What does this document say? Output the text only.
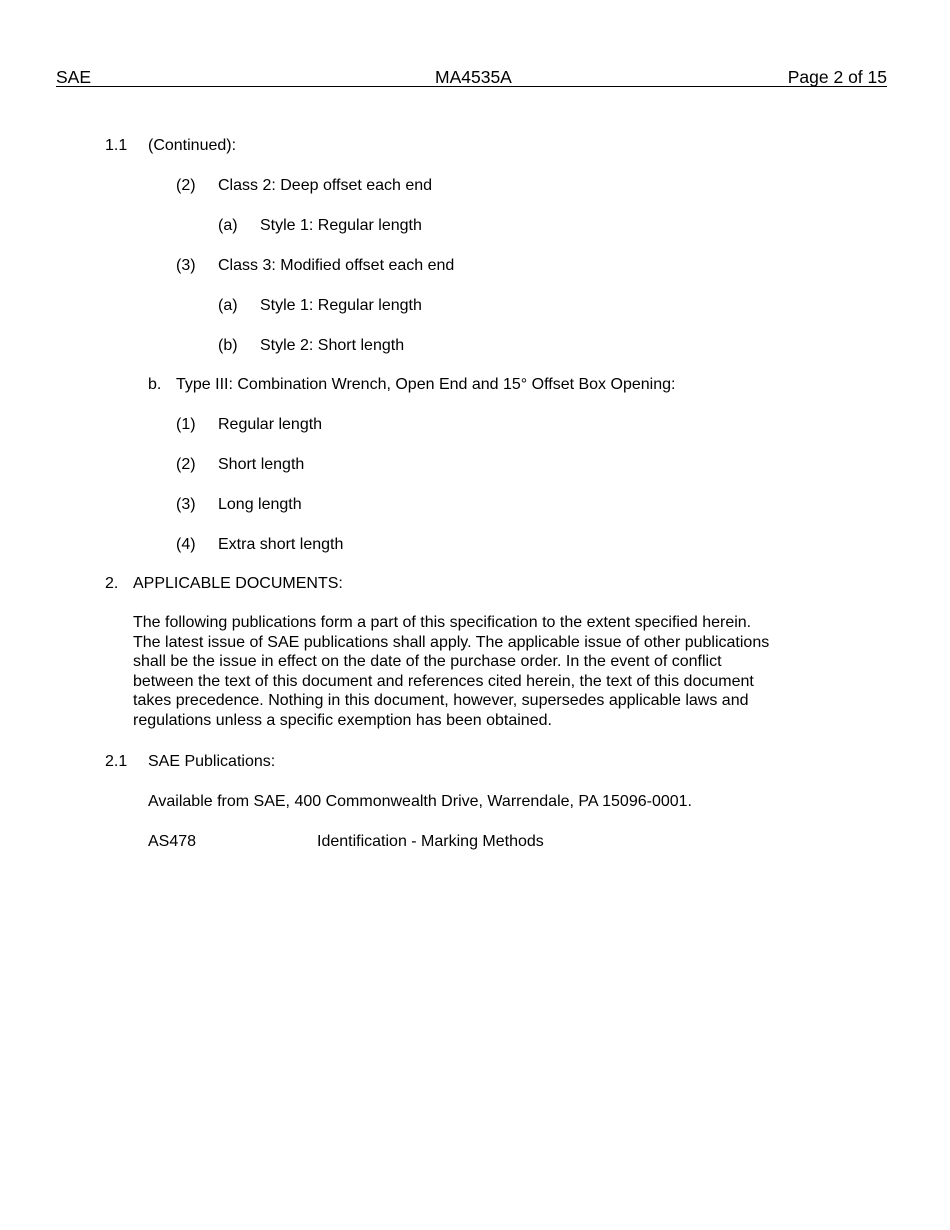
SAE	MA4535A	Page 2 of 15
1.1 (Continued):
(2) Class 2: Deep offset each end
(a) Style 1: Regular length
(3) Class 3: Modified offset each end
(a) Style 1: Regular length
(b) Style 2: Short length
b. Type III: Combination Wrench, Open End and 15° Offset Box Opening:
(1) Regular length
(2) Short length
(3) Long length
(4) Extra short length
2. APPLICABLE DOCUMENTS:
The following publications form a part of this specification to the extent specified herein.
The latest issue of SAE publications shall apply. The applicable issue of other publications
shall be the issue in effect on the date of the purchase order. In the event of conflict
between the text of this document and references cited herein, the text of this document
takes precedence. Nothing in this document, however, supersedes applicable laws and
regulations unless a specific exemption has been obtained.
2.1 SAE Publications:
Available from SAE, 400 Commonwealth Drive, Warrendale, PA 15096-0001.
AS478	Identification - Marking Methods
